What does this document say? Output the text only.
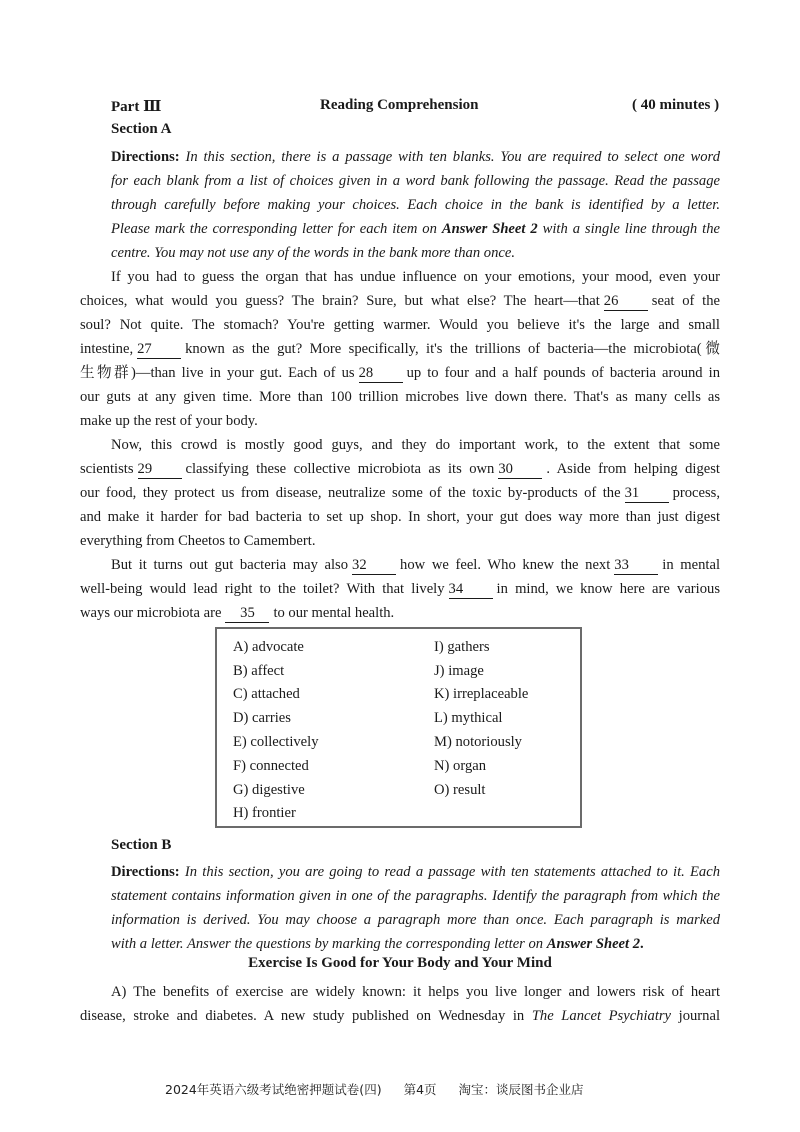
Part Ⅲ	Reading Comprehension	( 40 minutes )
Section A
Directions: In this section, there is a passage with ten blanks. You are required to select one word
for each blank from a list of choices given in a word bank following the passage. Read the passage
through carefully before making your choices. Each choice in the bank is identified by a letter.
Please mark the corresponding letter for each item on Answer Sheet 2 with a single line through the
centre. You may not use any of the words in the bank more than once.
If you had to guess the organ that has undue influence on your emotions, your mood, even your
choices, what would you guess? The brain? Sure, but what else? The heart—that 26 seat of the
soul? Not quite. The stomach? You're getting warmer. Would you believe it's the large and small
intestine, 27 known as the gut? More specifically, it's the trillions of bacteria—the microbiota(微
生物群)—than live in your gut. Each of us 28 up to four and a half pounds of bacteria around in
our guts at any given time. More than 100 trillion microbes live down there. That's as many cells as
make up the rest of your body.
Now, this crowd is mostly good guys, and they do important work, to the extent that some
scientists 29 classifying these collective microbiota as its own 30 . Aside from helping digest
our food, they protect us from disease, neutralize some of the toxic by-products of the 31 process,
and make it harder for bad bacteria to set up shop. In short, your gut does way more than just digest
everything from Cheetos to Camembert.
But it turns out gut bacteria may also 32 how we feel. Who knew the next 33 in mental
well-being would lead right to the toilet? With that lively 34 in mind, we know here are various
ways our microbiota are 35 to our mental health.
A) advocate
B) affect
C) attached
D) carries
E) collectively
F) connected
G) digestive
H) frontier
I) gathers
J) image
K) irreplaceable
L) mythical
M) notoriously
N) organ
O) result
Section B
Directions: In this section, you are going to read a passage with ten statements attached to it. Each
statement contains information given in one of the paragraphs. Identify the paragraph from which the
information is derived. You may choose a paragraph more than once. Each paragraph is marked
with a letter. Answer the questions by marking the corresponding letter on Answer Sheet 2.
Exercise Is Good for Your Body and Your Mind
A) The benefits of exercise are widely known: it helps you live longer and lowers risk of heart
disease, stroke and diabetes. A new study published on Wednesday in The Lancet Psychiatry journal
2024年英语六级考试绝密押题试卷(四) 第4页 淘宝：谈辰图书企业店
